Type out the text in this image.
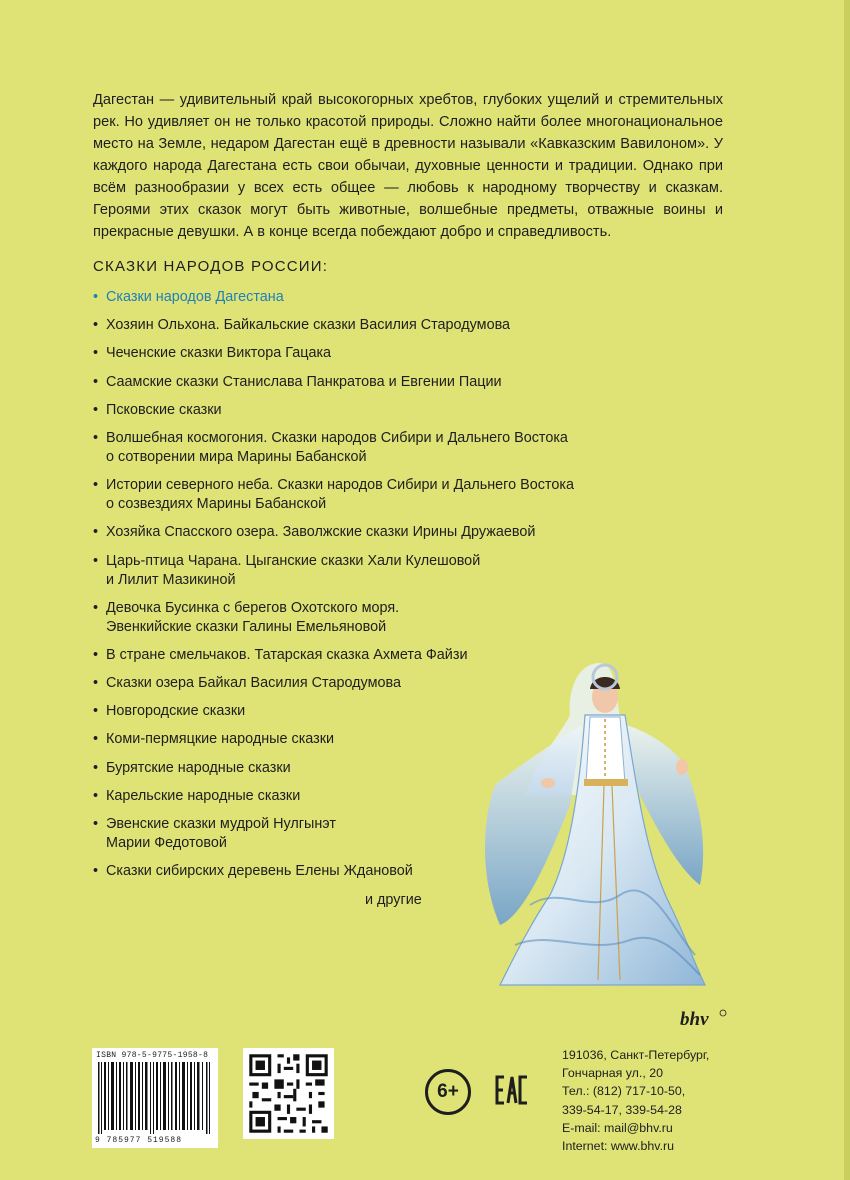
Дагестан — удивительный край высокогорных хребтов, глубоких ущелий и стремительных рек. Но удивляет он не только красотой природы. Сложно найти более многонациональное место на Земле, недаром Дагестан ещё в древности называли «Кавказским Вавилоном». У каждого народа Дагестана есть свои обычаи, духовные ценности и традиции. Однако при всём разнообразии у всех есть общее — любовь к народному творчеству и сказкам. Героями этих сказок могут быть животные, волшебные предметы, отважные воины и прекрасные девушки. А в конце всегда побеждают добро и справедливость.

СКАЗКИ НАРОДОВ РОССИИ:
• Сказки народов Дагестана
• Хозяин Ольхона. Байкальские сказки Василия Стародумова
• Чеченские сказки Виктора Гацака
• Саамские сказки Станислава Панкратова и Евгении Пации
• Псковские сказки
• Волшебная космогония. Сказки народов Сибири и Дальнего Востока
о сотворении мира Марины Бабанской
• Истории северного неба. Сказки народов Сибири и Дальнего Востока
о созвездиях Марины Бабанской
• Хозяйка Спасского озера. Заволжские сказки Ирины Дружаевой
• Царь-птица Чарана. Цыганские сказки Хали Кулешовой
и Лилит Мазикиной
• Девочка Бусинка с берегов Охотского моря.
Эвенкийские сказки Галины Емельяновой
• В стране смельчаков. Татарская сказка Ахмета Файзи
• Сказки озера Байкал Василия Стародумова
• Новгородские сказки
• Коми-пермяцкие народные сказки
• Бурятские народные сказки
• Карельские народные сказки
• Эвенские сказки мудрой Нулгынэт
Марии Федотовой
• Сказки сибирских деревень Елены Ждановой
и другие
ISBN 978-5-9775-1958-8
9 785977 519588
6+
bhv
191036, Санкт-Петербург,
Гончарная ул., 20
Тел.: (812) 717-10-50,
339-54-17, 339-54-28
E-mail: mail@bhv.ru
Internet: www.bhv.ru
